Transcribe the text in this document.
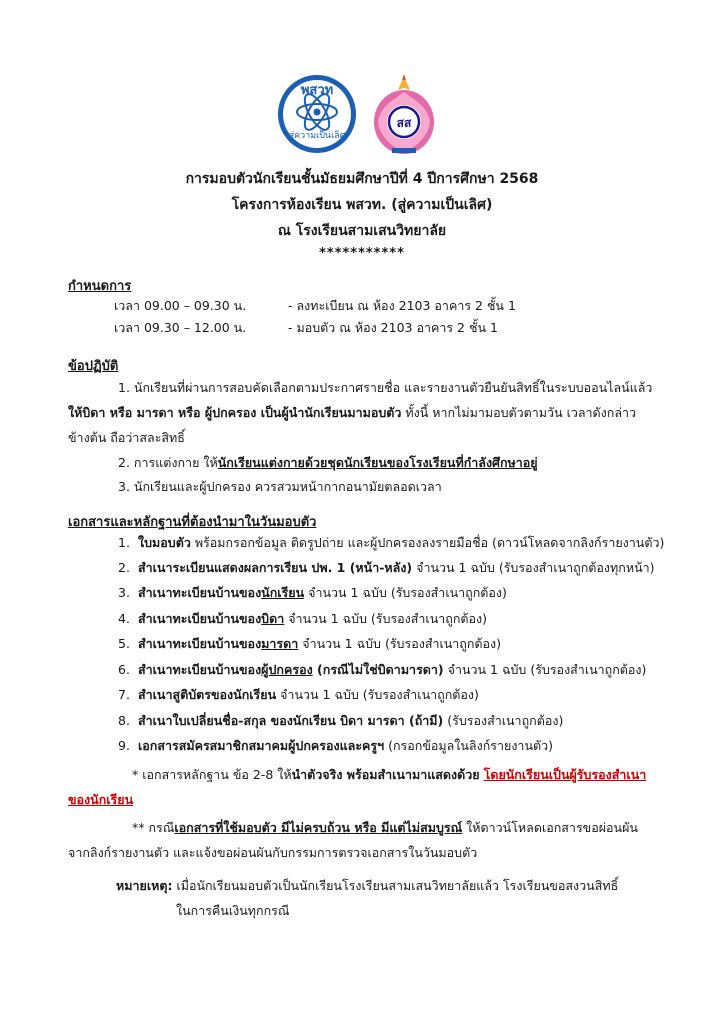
พสวท
สู่ความเป็นเลิศ
สส
การมอบตัวนักเรียนชั้นมัธยมศึกษาปีที่ 4 ปีการศึกษา 2568
โครงการห้องเรียน พสวท. (สู่ความเป็นเลิศ)
ณ โรงเรียนสามเสนวิทยาลัย
***********
กำหนดการ
เวลา 09.00 – 09.30 น.	- ลงทะเบียน ณ ห้อง 2103 อาคาร 2 ชั้น 1
เวลา 09.30 – 12.00 น.	- มอบตัว ณ ห้อง 2103 อาคาร 2 ชั้น 1
ข้อปฏิบัติ
1. นักเรียนที่ผ่านการสอบคัดเลือกตามประกาศรายชื่อ และรายงานตัวยืนยันสิทธิ์ในระบบออนไลน์แล้ว
ให้บิดา หรือ มารดา หรือ ผู้ปกครอง เป็นผู้นำนักเรียนมามอบตัว ทั้งนี้ หากไม่มามอบตัวตามวัน เวลาดังกล่าว
ข้างต้น ถือว่าสละสิทธิ์
2. การแต่งกาย ให้นักเรียนแต่งกายด้วยชุดนักเรียนของโรงเรียนที่กำลังศึกษาอยู่
3. นักเรียนและผู้ปกครอง ควรสวมหน้ากากอนามัยตลอดเวลา
เอกสารและหลักฐานที่ต้องนำมาในวันมอบตัว
1. ใบมอบตัว พร้อมกรอกข้อมูล ติดรูปถ่าย และผู้ปกครองลงรายมือชื่อ (ดาวน์โหลดจากลิงก์รายงานตัว)
2. สำเนาระเบียนแสดงผลการเรียน ปพ. 1 (หน้า-หลัง) จำนวน 1 ฉบับ (รับรองสำเนาถูกต้องทุกหน้า)
3. สำเนาทะเบียนบ้านของนักเรียน จำนวน 1 ฉบับ (รับรองสำเนาถูกต้อง)
4. สำเนาทะเบียนบ้านของบิดา จำนวน 1 ฉบับ (รับรองสำเนาถูกต้อง)
5. สำเนาทะเบียนบ้านของมารดา จำนวน 1 ฉบับ (รับรองสำเนาถูกต้อง)
6. สำเนาทะเบียนบ้านของผู้ปกครอง (กรณีไม่ใช่บิดามารดา) จำนวน 1 ฉบับ (รับรองสำเนาถูกต้อง)
7. สำเนาสูติบัตรของนักเรียน จำนวน 1 ฉบับ (รับรองสำเนาถูกต้อง)
8. สำเนาใบเปลี่ยนชื่อ-สกุล ของนักเรียน บิดา มารดา (ถ้ามี) (รับรองสำเนาถูกต้อง)
9. เอกสารสมัครสมาชิกสมาคมผู้ปกครองและครูฯ (กรอกข้อมูลในลิงก์รายงานตัว)
* เอกสารหลักฐาน ข้อ 2-8 ให้นำตัวจริง พร้อมสำเนามาแสดงด้วย โดยนักเรียนเป็นผู้รับรองสำเนา
ของนักเรียน
** กรณีเอกสารที่ใช้มอบตัว มีไม่ครบถ้วน หรือ มีแต่ไม่สมบูรณ์ ให้ดาวน์โหลดเอกสารขอผ่อนผัน
จากลิงก์รายงานตัว และแจ้งขอผ่อนผันกับกรรมการตรวจเอกสารในวันมอบตัว
หมายเหตุ: เมื่อนักเรียนมอบตัวเป็นนักเรียนโรงเรียนสามเสนวิทยาลัยแล้ว โรงเรียนขอสงวนสิทธิ์
ในการคืนเงินทุกกรณี
